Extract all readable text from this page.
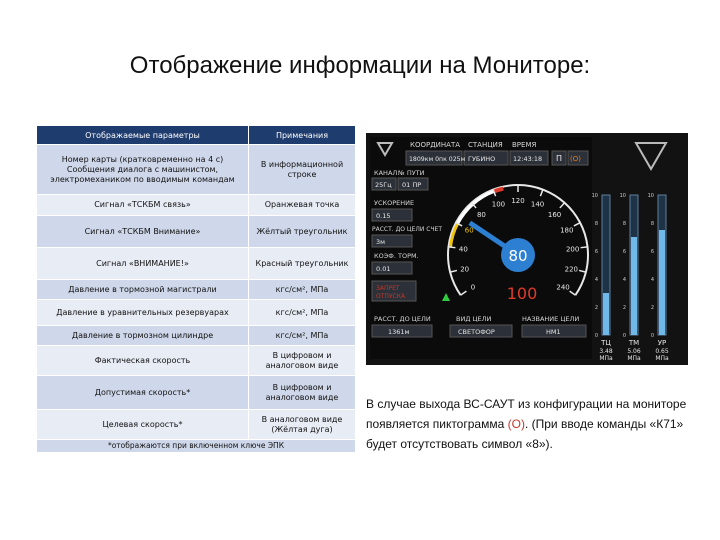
Отображение информации на Мониторе:
Отображаемые параметры	Примечания
Номер карты (кратковременно на 4 с) Сообщения диалога с машинистом, электромехаником по вводимым командам	В информационной строке
Сигнал «ТСКБМ связь»	Оранжевая точка
Сигнал «ТСКБМ Внимание»	Жёлтый треугольник
Сигнал «ВНИМАНИЕ!»	Красный треугольник
Давление в тормозной магистрали	кгс/см², МПа
Давление в уравнительных резервуарах	кгс/см², МПа
Давление в тормозном цилиндре	кгс/см², МПа
Фактическая скорость	В цифровом и аналоговом виде
Допустимая скорость*	В цифровом и аналоговом виде
Целевая скорость*	В аналоговом виде (Жёлтая дуга)
*отображаются при включенном ключе ЭПК	
КООРДИНАТА СТАНЦИЯ ВРЕМЯ
1809км 0пк 025м ГУБИНО	12:43:18 П (О)
КАНАЛ № ПУТИ
25Гц 01 ПР
УСКОРЕНИЕ
0.15
РАССТ. ДО ЦЕЛИ СЧЕТ
3м
КОЭФ. ТОРМ.
0.01
ЗАПРЕТ
ОТПУСКА
0
20
40
60
80
100 120 140
160
180
200
220
240
80
100
РАССТ. ДО ЦЕЛИ	ВИД ЦЕЛИ	НАЗВАНИЕ ЦЕЛИ
1361м	СВЕТОФОР	НМ1
10
8
6
4
2
0
ТЦ
3.48
МПа
10
8
6
4
2
0
ТМ
5.06
МПа
10
8
6
4
2
0
УР
0.65
МПа
В случае выхода ВС-САУТ из конфигурации на мониторе появляется пиктограмма (О). (При вводе команды «К71» будет отсутствовать символ «8»).
